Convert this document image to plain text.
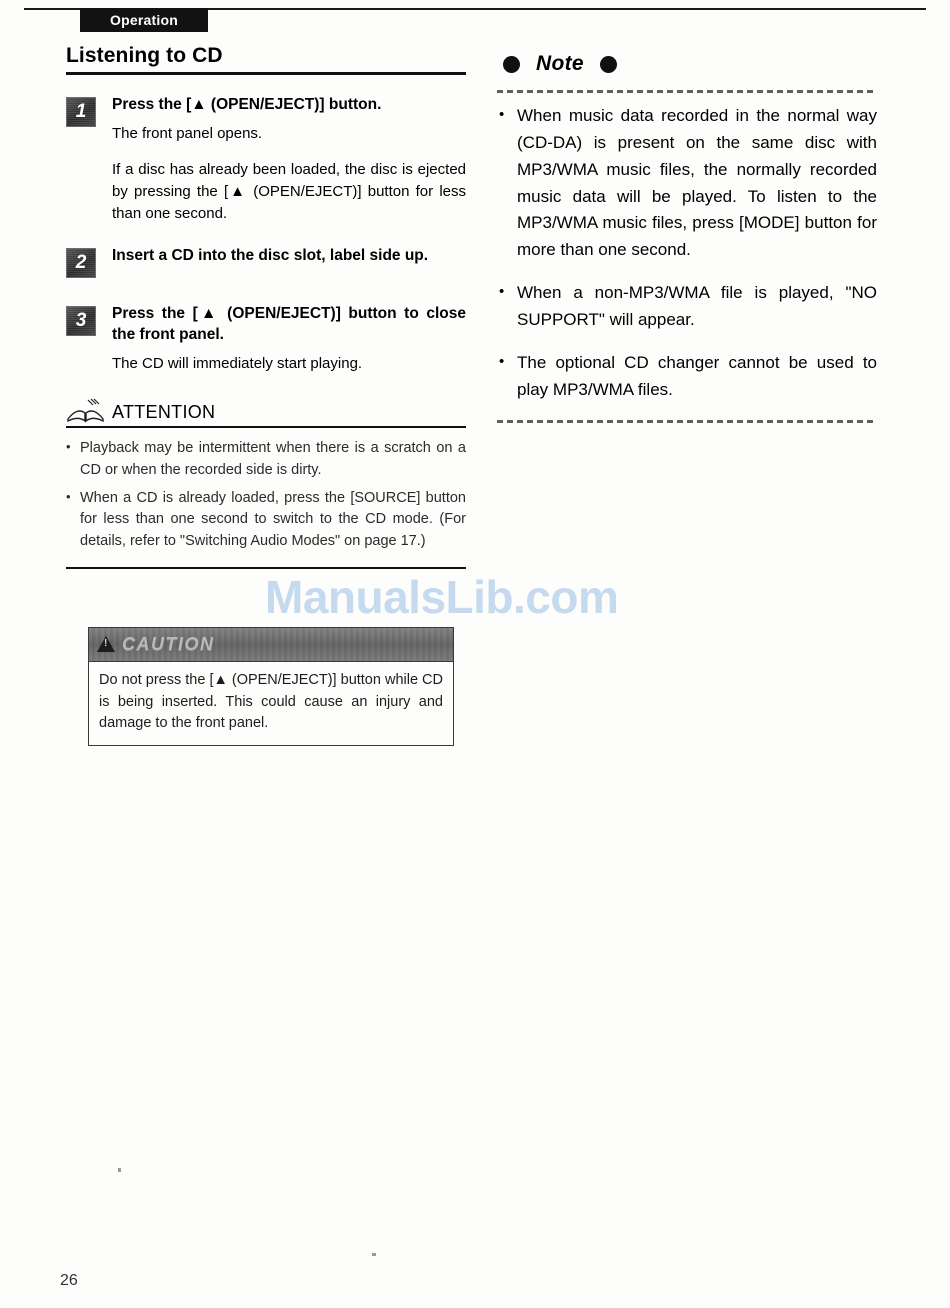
Operation
Listening to CD
1	Press the [▲ (OPEN/EJECT)] button.

The front panel opens.

If a disc has already been loaded, the disc is ejected by pressing the [▲ (OPEN/EJECT)] button for less than one second.

2	Insert a CD into the disc slot, label side up.

3	Press the [▲ (OPEN/EJECT)] button to close the front panel.

The CD will immediately start playing.

ATTENTION
• Playback may be intermittent when there is a scratch on a CD or when the recorded side is dirty.
• When a CD is already loaded, press the [SOURCE] button for less than one second to switch to the CD mode. (For details, refer to "Switching Audio Modes" on page 17.)
!
CAUTION
Do not press the [▲ (OPEN/EJECT)] button while CD is being inserted. This could cause an injury and damage to the front panel.
Note
• When music data recorded in the normal way (CD-DA) is present on the same disc with MP3/WMA music files, the normally recorded music data will be played. To listen to the MP3/WMA music files, press [MODE] button for more than one second.
• When a non-MP3/WMA file is played, "NO SUPPORT" will appear.
• The optional CD changer cannot be used to play MP3/WMA files.
ManualsLib.com
26
